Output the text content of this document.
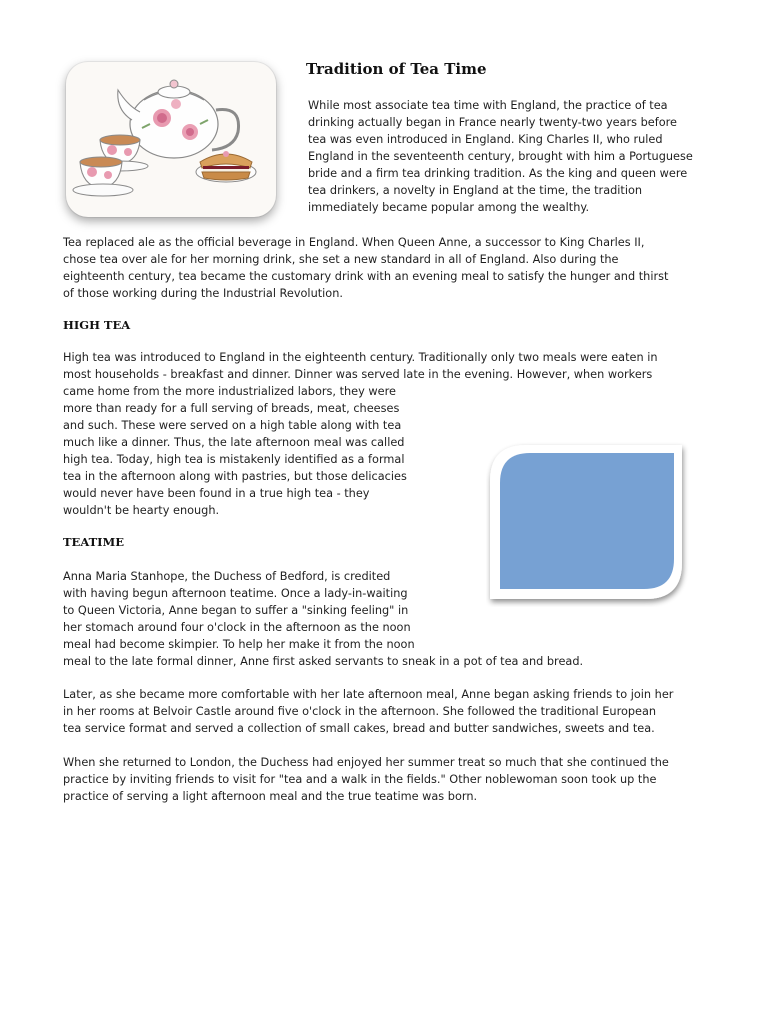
Tradition of Tea Time

While most associate tea time with England, the practice of tea
drinking actually began in France nearly twenty-two years before
tea was even introduced in England. King Charles II, who ruled
England in the seventeenth century, brought with him a Portuguese
bride and a firm tea drinking tradition. As the king and queen were
tea drinkers, a novelty in England at the time, the tradition
immediately became popular among the wealthy.

Tea replaced ale as the official beverage in England. When Queen Anne, a successor to King Charles II,
chose tea over ale for her morning drink, she set a new standard in all of England. Also during the
eighteenth century, tea became the customary drink with an evening meal to satisfy the hunger and thirst
of those working during the Industrial Revolution.

HIGH TEA

High tea was introduced to England in the eighteenth century. Traditionally only two meals were eaten in
most households - breakfast and dinner. Dinner was served late in the evening. However, when workers
came home from the more industrialized labors, they were
more than ready for a full serving of breads, meat, cheeses
and such. These were served on a high table along with tea
much like a dinner. Thus, the late afternoon meal was called
high tea. Today, high tea is mistakenly identified as a formal
tea in the afternoon along with pastries, but those delicacies
would never have been found in a true high tea - they
wouldn't be hearty enough.

TEATIME

Anna Maria Stanhope, the Duchess of Bedford, is credited
with having begun afternoon teatime. Once a lady-in-waiting
to Queen Victoria, Anne began to suffer a "sinking feeling" in
her stomach around four o'clock in the afternoon as the noon
meal had become skimpier. To help her make it from the noon
meal to the late formal dinner, Anne first asked servants to sneak in a pot of tea and bread.

Later, as she became more comfortable with her late afternoon meal, Anne began asking friends to join her
in her rooms at Belvoir Castle around five o'clock in the afternoon. She followed the traditional European
tea service format and served a collection of small cakes, bread and butter sandwiches, sweets and tea.

When she returned to London, the Duchess had enjoyed her summer treat so much that she continued the
practice by inviting friends to visit for "tea and a walk in the fields." Other noblewoman soon took up the
practice of serving a light afternoon meal and the true teatime was born.
